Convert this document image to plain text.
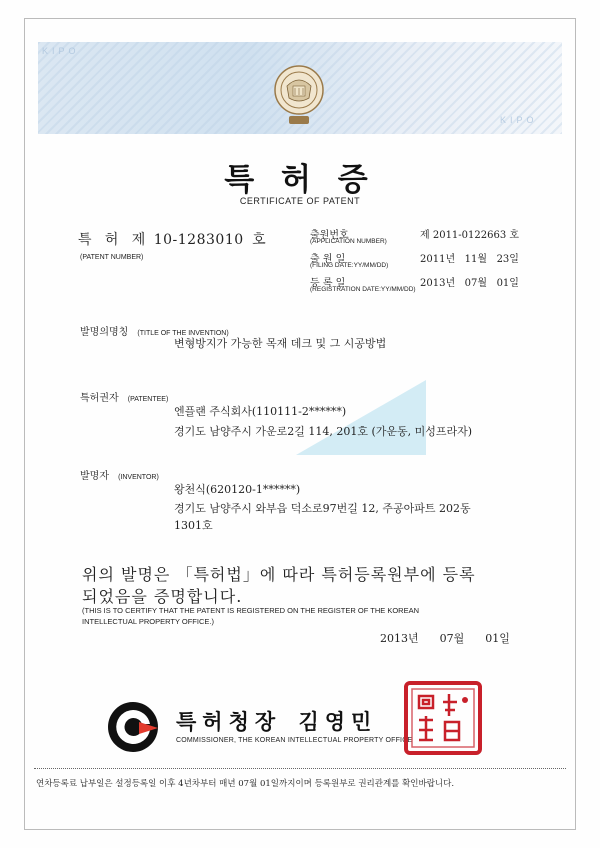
KIPO
KIPO
특 허 증
CERTIFICATE OF PATENT
특   허   제 10-1283010 호
(PATENT NUMBER)
출원번호
(APPLICATION NUMBER)
제 2011-0122663 호
출 원 일
(FILING DATE:YY/MM/DD)
2011년   11월   23일
등 록 일
(REGISTRATION DATE:YY/MM/DD)
2013년   07월   01일
발명의명칭 (TITLE OF THE INVENTION)
변형방지가 가능한 목재 데크 및 그 시공방법
특허권자 (PATENTEE)
엔플랜 주식회사(110111-2******)
경기도 남양주시 가운로2길 114, 201호 (가운동, 미성프라자)
발명자 (INVENTOR)
왕천식(620120-1******)
경기도 남양주시 와부읍 덕소로97번길 12, 주공아파트 202동
1301호
위의 발명은 「특허법」에 따라 특허등록원부에 등록
되었음을 증명합니다.
(THIS IS TO CERTIFY THAT THE PATENT IS REGISTERED ON THE REGISTER OF THE KOREAN
INTELLECTUAL PROPERTY OFFICE.)
2013년      07월      01일
특허청장 김영민
COMMISSIONER, THE KOREAN INTELLECTUAL PROPERTY OFFICE
연차등록료 납부일은 설정등록일 이후 4년차부터 매년 07월 01일까지이며 등록원부로 권리관계를 확인바랍니다.
